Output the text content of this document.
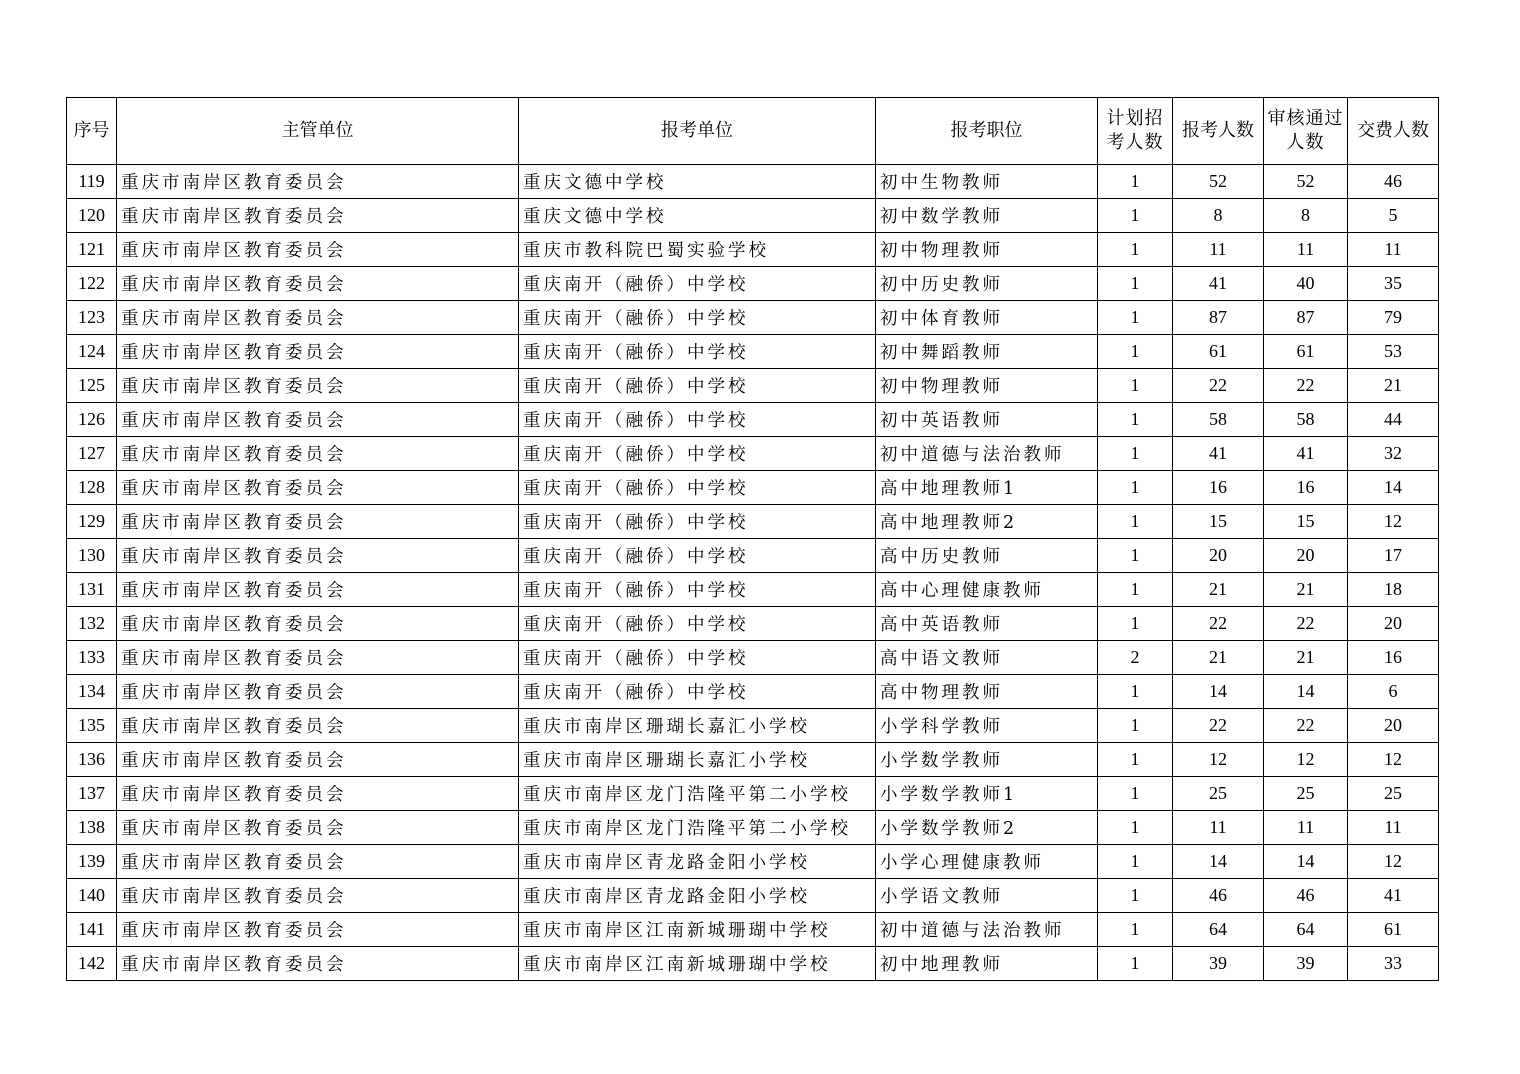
序号	主管单位	报考单位	报考职位	计划招考人数	报考人数	审核通过人数	交费人数
119	重庆市南岸区教育委员会	重庆文德中学校	初中生物教师	1	52	52	46
120	重庆市南岸区教育委员会	重庆文德中学校	初中数学教师	1	8	8	5
121	重庆市南岸区教育委员会	重庆市教科院巴蜀实验学校	初中物理教师	1	11	11	11
122	重庆市南岸区教育委员会	重庆南开（融侨）中学校	初中历史教师	1	41	40	35
123	重庆市南岸区教育委员会	重庆南开（融侨）中学校	初中体育教师	1	87	87	79
124	重庆市南岸区教育委员会	重庆南开（融侨）中学校	初中舞蹈教师	1	61	61	53
125	重庆市南岸区教育委员会	重庆南开（融侨）中学校	初中物理教师	1	22	22	21
126	重庆市南岸区教育委员会	重庆南开（融侨）中学校	初中英语教师	1	58	58	44
127	重庆市南岸区教育委员会	重庆南开（融侨）中学校	初中道德与法治教师	1	41	41	32
128	重庆市南岸区教育委员会	重庆南开（融侨）中学校	高中地理教师1	1	16	16	14
129	重庆市南岸区教育委员会	重庆南开（融侨）中学校	高中地理教师2	1	15	15	12
130	重庆市南岸区教育委员会	重庆南开（融侨）中学校	高中历史教师	1	20	20	17
131	重庆市南岸区教育委员会	重庆南开（融侨）中学校	高中心理健康教师	1	21	21	18
132	重庆市南岸区教育委员会	重庆南开（融侨）中学校	高中英语教师	1	22	22	20
133	重庆市南岸区教育委员会	重庆南开（融侨）中学校	高中语文教师	2	21	21	16
134	重庆市南岸区教育委员会	重庆南开（融侨）中学校	高中物理教师	1	14	14	6
135	重庆市南岸区教育委员会	重庆市南岸区珊瑚长嘉汇小学校	小学科学教师	1	22	22	20
136	重庆市南岸区教育委员会	重庆市南岸区珊瑚长嘉汇小学校	小学数学教师	1	12	12	12
137	重庆市南岸区教育委员会	重庆市南岸区龙门浩隆平第二小学校	小学数学教师1	1	25	25	25
138	重庆市南岸区教育委员会	重庆市南岸区龙门浩隆平第二小学校	小学数学教师2	1	11	11	11
139	重庆市南岸区教育委员会	重庆市南岸区青龙路金阳小学校	小学心理健康教师	1	14	14	12
140	重庆市南岸区教育委员会	重庆市南岸区青龙路金阳小学校	小学语文教师	1	46	46	41
141	重庆市南岸区教育委员会	重庆市南岸区江南新城珊瑚中学校	初中道德与法治教师	1	64	64	61
142	重庆市南岸区教育委员会	重庆市南岸区江南新城珊瑚中学校	初中地理教师	1	39	39	33
